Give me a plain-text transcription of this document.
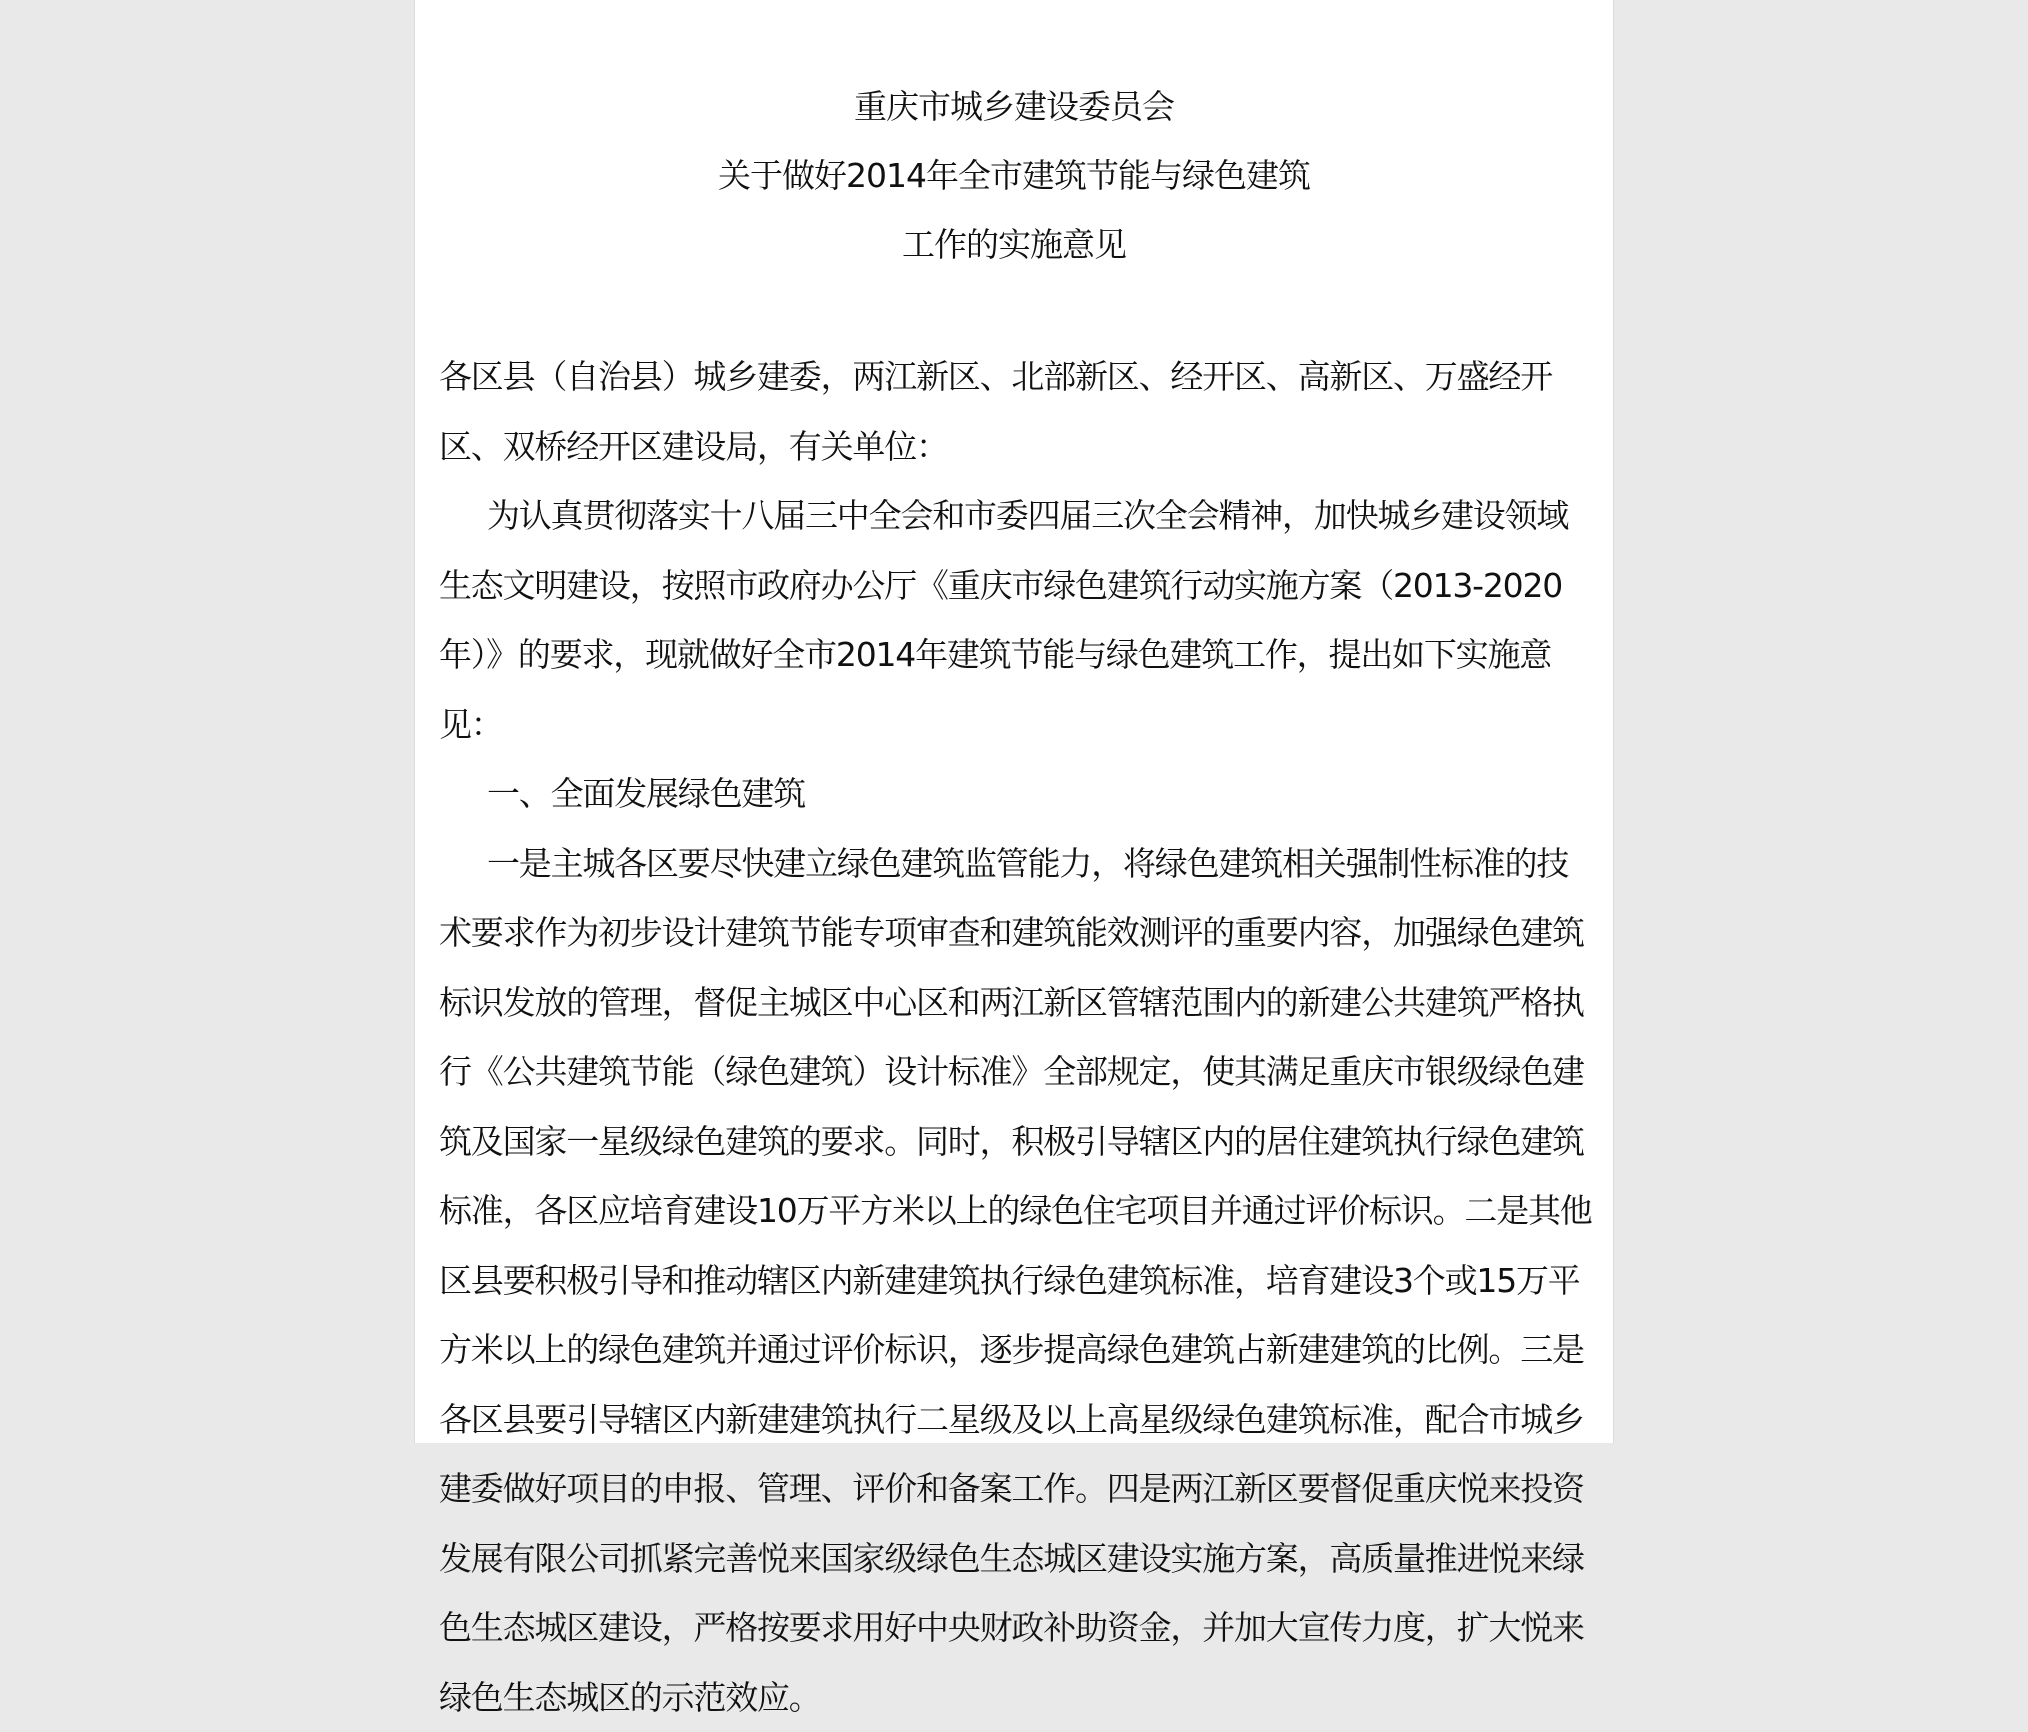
重庆市城乡建设委员会
关于做好2014年全市建筑节能与绿色建筑
工作的实施意见

各区县（自治县）城乡建委，两江新区、北部新区、经开区、高新区、万盛经开区、双桥经开区建设局，有关单位：

为认真贯彻落实十八届三中全会和市委四届三次全会精神，加快城乡建设领域生态文明建设，按照市政府办公厅《重庆市绿色建筑行动实施方案（2013-2020年）》的要求，现就做好全市2014年建筑节能与绿色建筑工作，提出如下实施意见：

一、全面发展绿色建筑

一是主城各区要尽快建立绿色建筑监管能力，将绿色建筑相关强制性标准的技术要求作为初步设计建筑节能专项审查和建筑能效测评的重要内容，加强绿色建筑标识发放的管理，督促主城区中心区和两江新区管辖范围内的新建公共建筑严格执行《公共建筑节能（绿色建筑）设计标准》全部规定，使其满足重庆市银级绿色建筑及国家一星级绿色建筑的要求。同时，积极引导辖区内的居住建筑执行绿色建筑标准，各区应培育建设10万平方米以上的绿色住宅项目并通过评价标识。二是其他区县要积极引导和推动辖区内新建建筑执行绿色建筑标准，培育建设3个或15万平方米以上的绿色建筑并通过评价标识，逐步提高绿色建筑占新建建筑的比例。三是各区县要引导辖区内新建建筑执行二星级及以上高星级绿色建筑标准，配合市城乡建委做好项目的申报、管理、评价和备案工作。四是两江新区要督促重庆悦来投资发展有限公司抓紧完善悦来国家级绿色生态城区建设实施方案，高质量推进悦来绿色生态城区建设，严格按要求用好中央财政补助资金，并加大宣传力度，扩大悦来绿色生态城区的示范效应。
